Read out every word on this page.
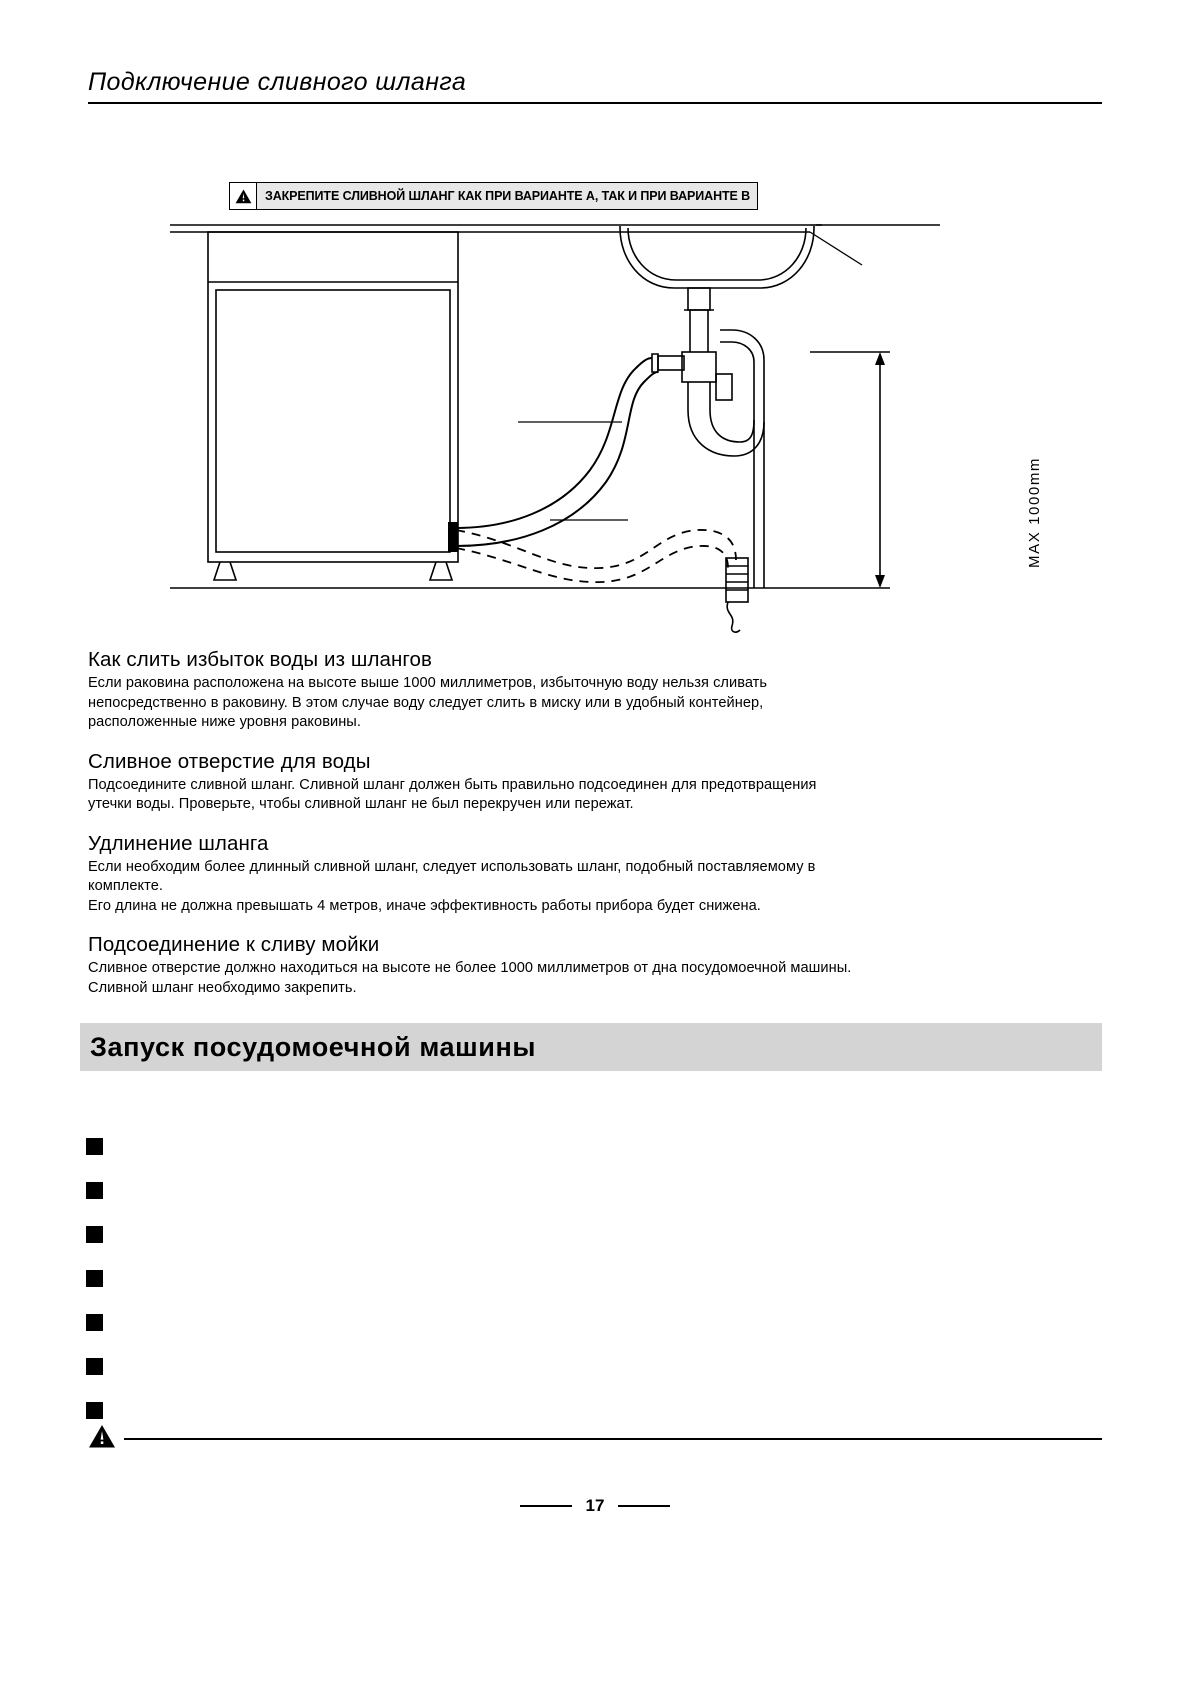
Подключение сливного шланга
ЗАКРЕПИТЕ СЛИВНОЙ ШЛАНГ КАК ПРИ ВАРИАНТЕ А, ТАК И ПРИ ВАРИАНТЕ В
MAX 1000mm
Как слить избыток воды из шлангов

Если раковина расположена на высоте выше 1000 миллиметров, избыточную воду нельзя сливать

непосредственно в раковину. В этом случае воду следует слить в миску или в удобный контейнер,

расположенные ниже уровня раковины.

Сливное отверстие для воды

Подсоедините сливной шланг. Сливной шланг должен быть правильно подсоединен для предотвращения

утечки воды. Проверьте, чтобы сливной шланг не был перекручен или пережат.

Удлинение шланга

Если необходим более длинный сливной шланг, следует использовать шланг, подобный поставляемому в

комплекте.

Его длина не должна превышать 4 метров, иначе эффективность работы прибора будет снижена.

Подсоединение к сливу мойки

Сливное отверстие должно находиться на высоте не более 1000 миллиметров от дна посудомоечной машины.

Сливной шланг необходимо закрепить.

Запуск посудомоечной машины
17
